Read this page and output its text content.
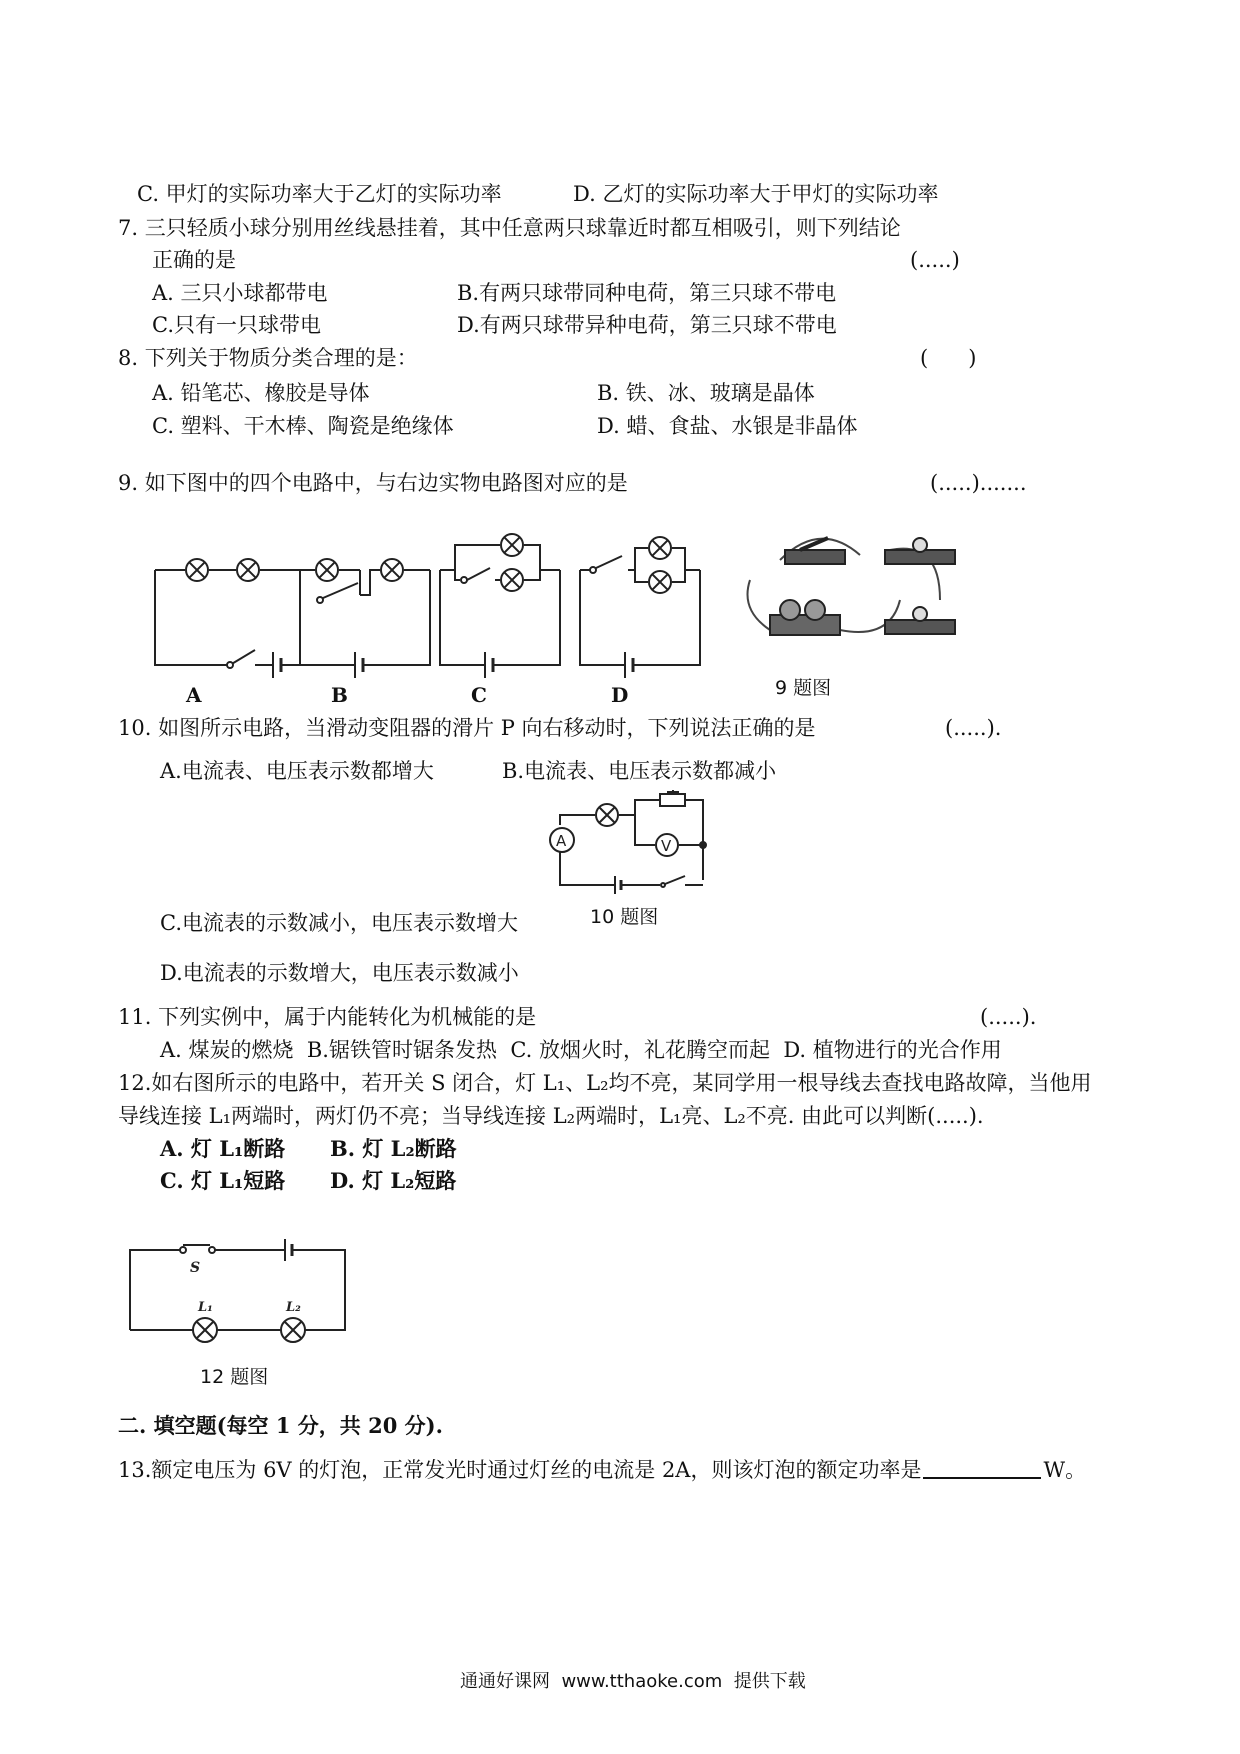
C. 甲灯的实际功率大于乙灯的实际功率	D. 乙灯的实际功率大于甲灯的实际功率
7. 三只轻质小球分别用丝线悬挂着，其中任意两只球靠近时都互相吸引，则下列结论
正确的是	(.....)
A. 三只小球都带电	B.有两只球带同种电荷，第三只球不带电
C.只有一只球带电	D.有两只球带异种电荷，第三只球不带电
8. 下列关于物质分类合理的是：	(      )
A. 铅笔芯、橡胶是导体	B. 铁、冰、玻璃是晶体
C. 塑料、干木棒、陶瓷是绝缘体	D. 蜡、食盐、水银是非晶体
9. 如下图中的四个电路中，与右边实物电路图对应的是	(.....).......
A	B	C	D	9 题图
10. 如图所示电路，当滑动变阻器的滑片 P 向右移动时，下列说法正确的是	(.....).
A.电流表、电压表示数都增大	B.电流表、电压表示数都减小
A	V
C.电流表的示数减小，电压表示数增大	10 题图
D.电流表的示数增大，电压表示数减小
11. 下列实例中，属于内能转化为机械能的是	(.....).
A. 煤炭的燃烧  B.锯铁管时锯条发热  C. 放烟火时，礼花腾空而起  D. 植物进行的光合作用
12.如右图所示的电路中，若开关 S 闭合，灯 L₁、L₂均不亮，某同学用一根导线去查找电路故障，当他用
导线连接 L₁两端时，两灯仍不亮；当导线连接 L₂两端时，L₁亮、L₂不亮. 由此可以判断(.....).
A. 灯 L₁断路 B. 灯 L₂断路
C. 灯 L₁短路 D. 灯 L₂短路
S
L₁	L₂
12 题图
二. 填空题(每空 1 分，共 20 分).
13.额定电压为 6V 的灯泡，正常发光时通过灯丝的电流是 2A，则该灯泡的额定功率是	W。
通通好课网  www.tthaoke.com  提供下载
